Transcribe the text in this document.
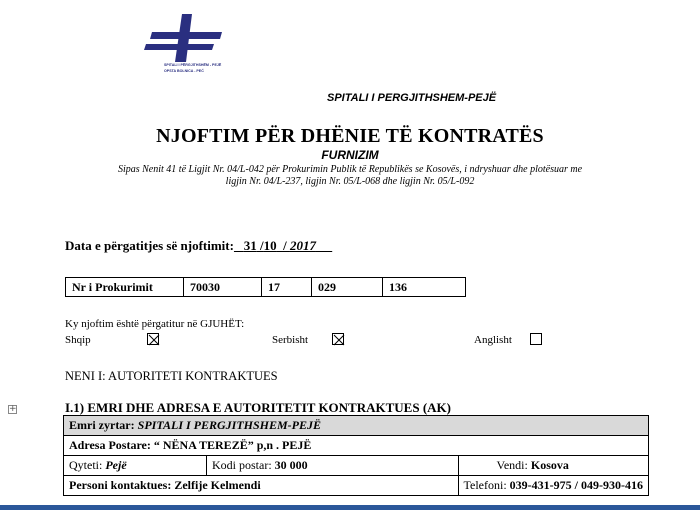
SPITALI I PËRGJITHSHËM - PEJË
OPSTA BOLNICA - PEĆ
SPITALI I PERGJITHSHEM-PEJË
NJOFTIM PËR DHËNIE TË KONTRATËS
FURNIZIM
Sipas Nenit 41 të Ligjit Nr. 04/L-042 për Prokurimin Publik të Republikës se Kosovës, i ndryshuar dhe plotësuar me
ligjin Nr. 04/L-237, ligjin Nr. 05/L-068 dhe ligjin Nr. 05/L-092
Data e përgatitjes së njoftimit: 31 /10  / 2017
Nr i Prokurimit	70030	17	029	136
Ky njoftim është përgatitur në GJUHËT:
Shqip	Serbisht	Anglisht
NENI I: AUTORITETI KONTRAKTUES
+	I.1) EMRI DHE ADRESA E AUTORITETIT KONTRAKTUES (AK)
Emri zyrtar: SPITALI I PERGJITHSHEM-PEJË		
Adresa Postare: “ NËNA TEREZË” p,n . PEJË		
Qyteti: Pejë	Kodi postar: 30 000	Vendi: Kosova
Personi kontaktues: Zelfije Kelmendi		Telefoni: 039-431-975 / 049-930-416
